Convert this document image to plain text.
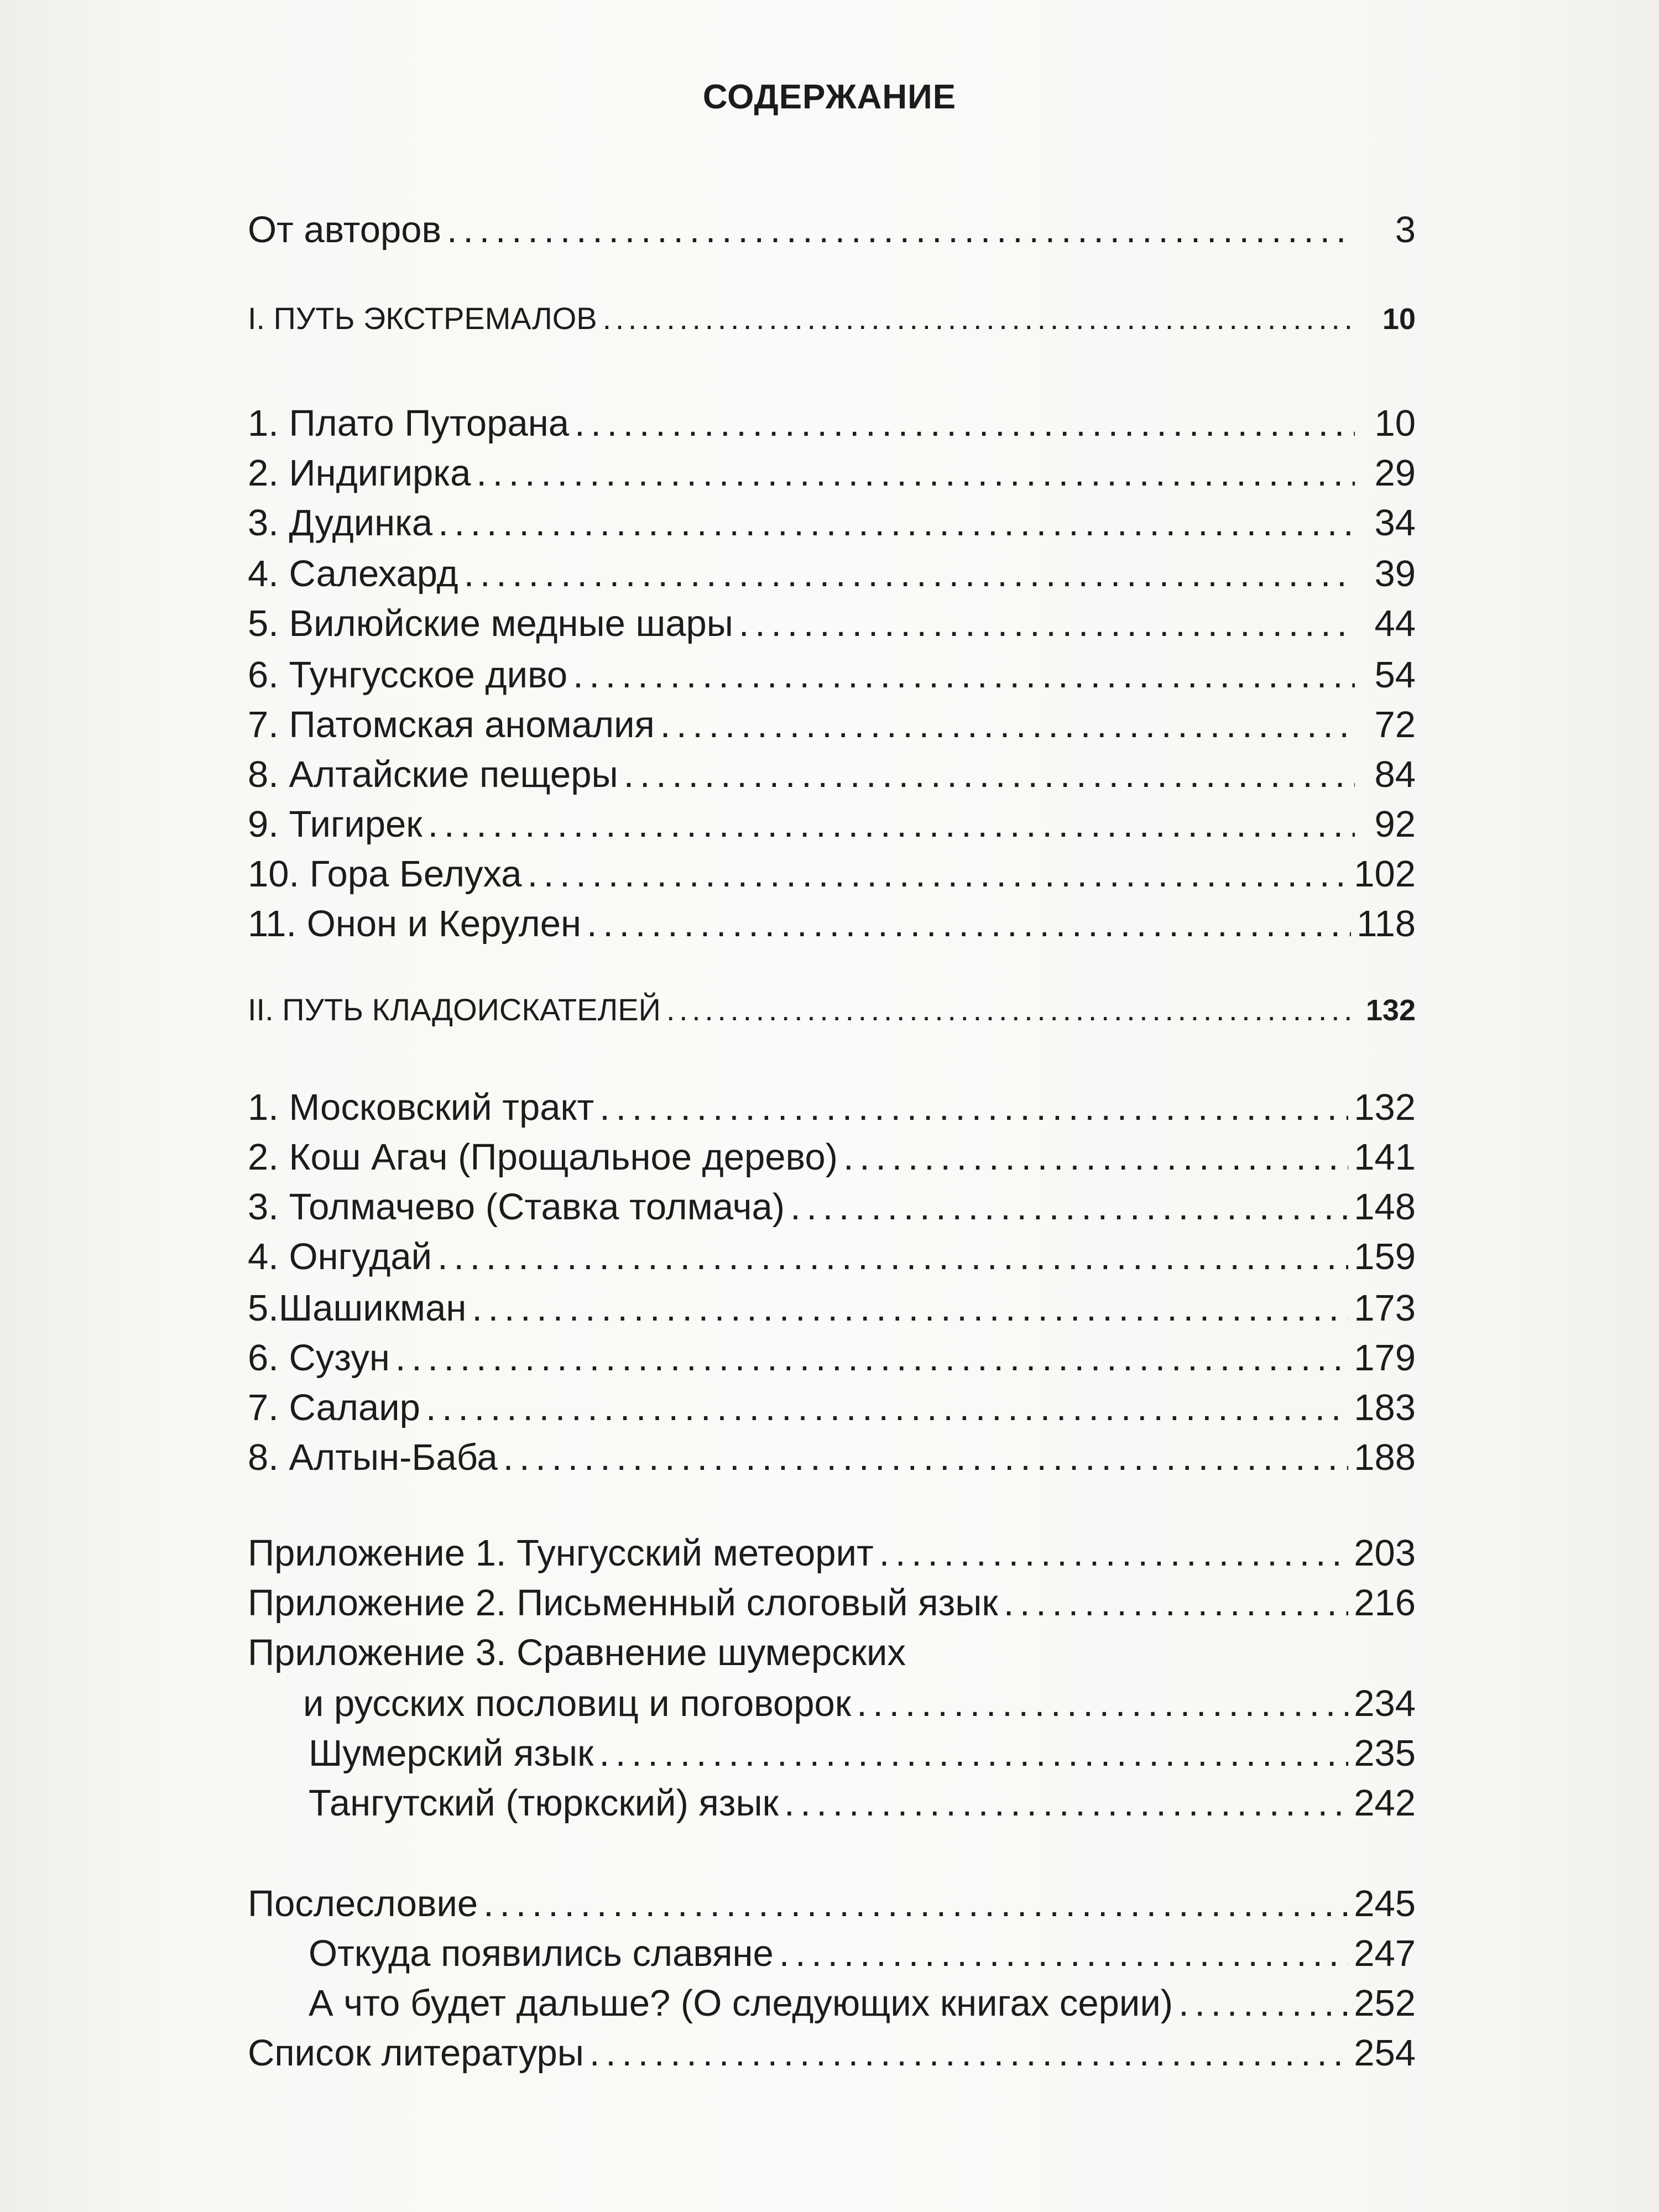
СОДЕРЖАНИЕ
От авторов . . .	3
I. ПУТЬ ЭКСТРЕМАЛОВ . . .	10
1. Плато Путорана . . .	10
2. Индигирка . . .	29
3. Дудинка . . .	34
4. Салехард . . .	39
5. Вилюйские медные шары . . .	44
6. Тунгусское диво . . .	54
7. Патомская аномалия . . .	72
8. Алтайские пещеры . . .	84
9. Тигирек . . .	92
10. Гора Белуха . . .	102
11. Онон и Керулен . . .	118
II. ПУТЬ КЛАДОИСКАТЕЛЕЙ . . .	132
1. Московский тракт . . .	132
2. Кош Агач (Прощальное дерево) . . .	141
3. Толмачево (Ставка толмача) . . .	148
4. Онгудай . . .	159
5.Шашикман . . .	173
6. Сузун . . .	179
7. Салаир . . .	183
8. Алтын-Баба . . .	188
Приложение 1. Тунгусский метеорит . . .	203
Приложение 2. Письменный слоговый язык . . .	216
Приложение 3. Сравнение шумерских
и русских пословиц и поговорок . . .	234
Шумерский язык . . .	235
Тангутский (тюркский) язык . . .	242
Послесловие . . .	245
Откуда появились славяне . . .	247
А что будет дальше? (О следующих книгах серии) . . .	252
Список литературы . . .	254
